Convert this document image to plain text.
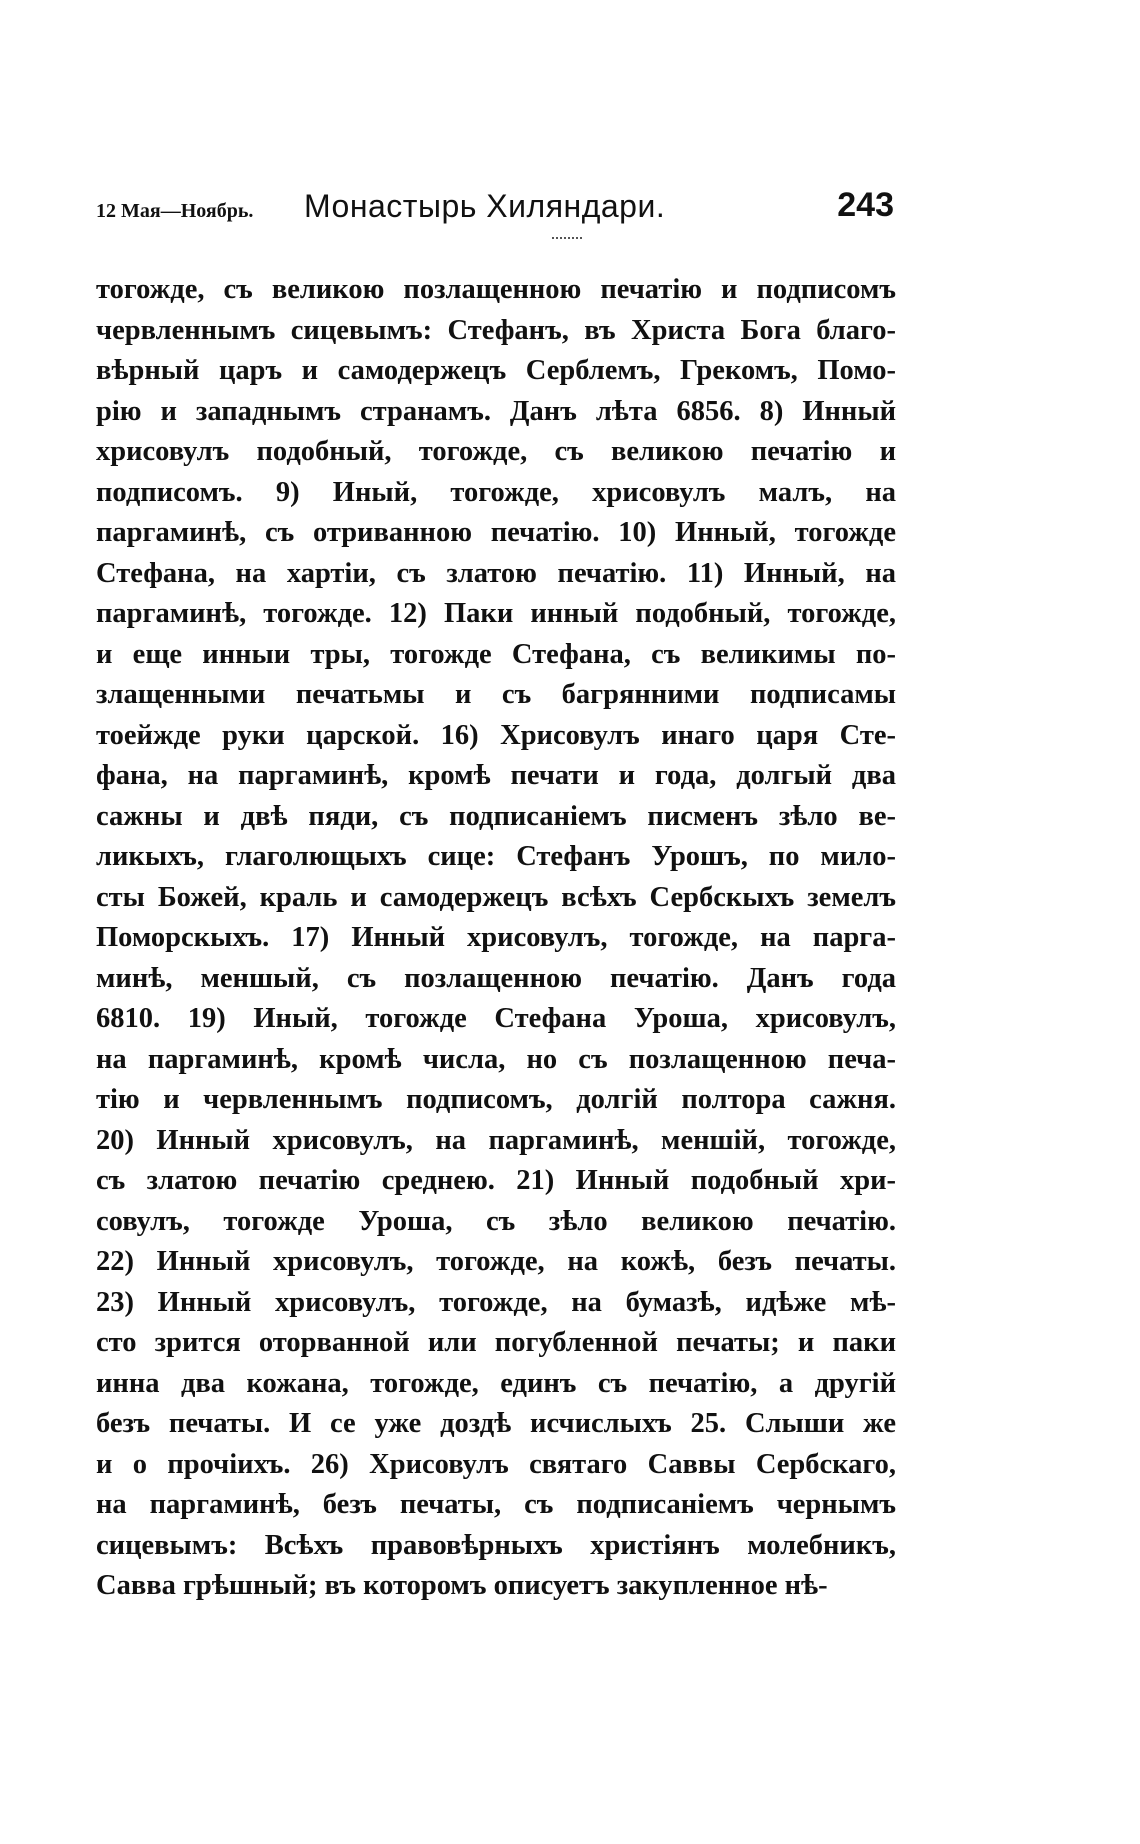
12 Мая—Ноябрь. Монастырь Хиляндари.	243
тогожде, съ великою позлащенною печатію и подписомъ
червленнымъ сицевымъ: Стефанъ, въ Христа Бога благо-
вѣрный царъ и самодержецъ Серблемъ, Грекомъ, Помо-
рію и западнымъ странамъ. Данъ лѣта 6856. 8) Инный
хрисовулъ подобный, тогожде, съ великою печатію и
подписомъ. 9) Иный, тогожде, хрисовулъ малъ, на
паргаминѣ, съ отриванною печатію. 10) Инный, тогожде
Стефана, на хартіи, съ златою печатію. 11) Инный, на
паргаминѣ, тогожде. 12) Паки инный подобный, тогожде,
и еще инныи тры, тогожде Стефана, съ великимы по-
злащенными печатьмы и съ багрянними подписамы
тоейжде руки царской. 16) Хрисовулъ инаго царя Сте-
фана, на паргаминѣ, кромѣ печати и года, долгый два
сажны и двѣ пяди, съ подписаніемъ писменъ зѣло ве-
ликыхъ, глаголющыхъ сице: Стефанъ Урошъ, по мило-
сты Божей, краль и самодержецъ всѣхъ Сербскыхъ земелъ
Поморскыхъ. 17) Инный хрисовулъ, тогожде, на парга-
минѣ, меншый, съ позлащенною печатію. Данъ года
6810. 19) Иный, тогожде Стефана Уроша, хрисовулъ,
на паргаминѣ, кромѣ числа, но съ позлащенною печа-
тію и червленнымъ подписомъ, долгій полтора сажня.
20) Инный хрисовулъ, на паргаминѣ, меншій, тогожде,
съ златою печатію среднею. 21) Инный подобный хри-
совулъ, тогожде Уроша, съ зѣло великою печатію.
22) Инный хрисовулъ, тогожде, на кожѣ, безъ печаты.
23) Инный хрисовулъ, тогожде, на бумазѣ, идѣже мѣ-
сто зрится оторванной или погубленной печаты; и паки
инна два кожана, тогожде, единъ съ печатію, а другій
безъ печаты. И се уже доздѣ исчислыхъ 25. Слыши же
и о прочіихъ. 26) Хрисовулъ святаго Саввы Сербскаго,
на паргаминѣ, безъ печаты, съ подписаніемъ чернымъ
сицевымъ: Всѣхъ правовѣрныхъ христіянъ молебникъ,
Савва грѣшный; въ которомъ описуетъ закупленное нѣ-
